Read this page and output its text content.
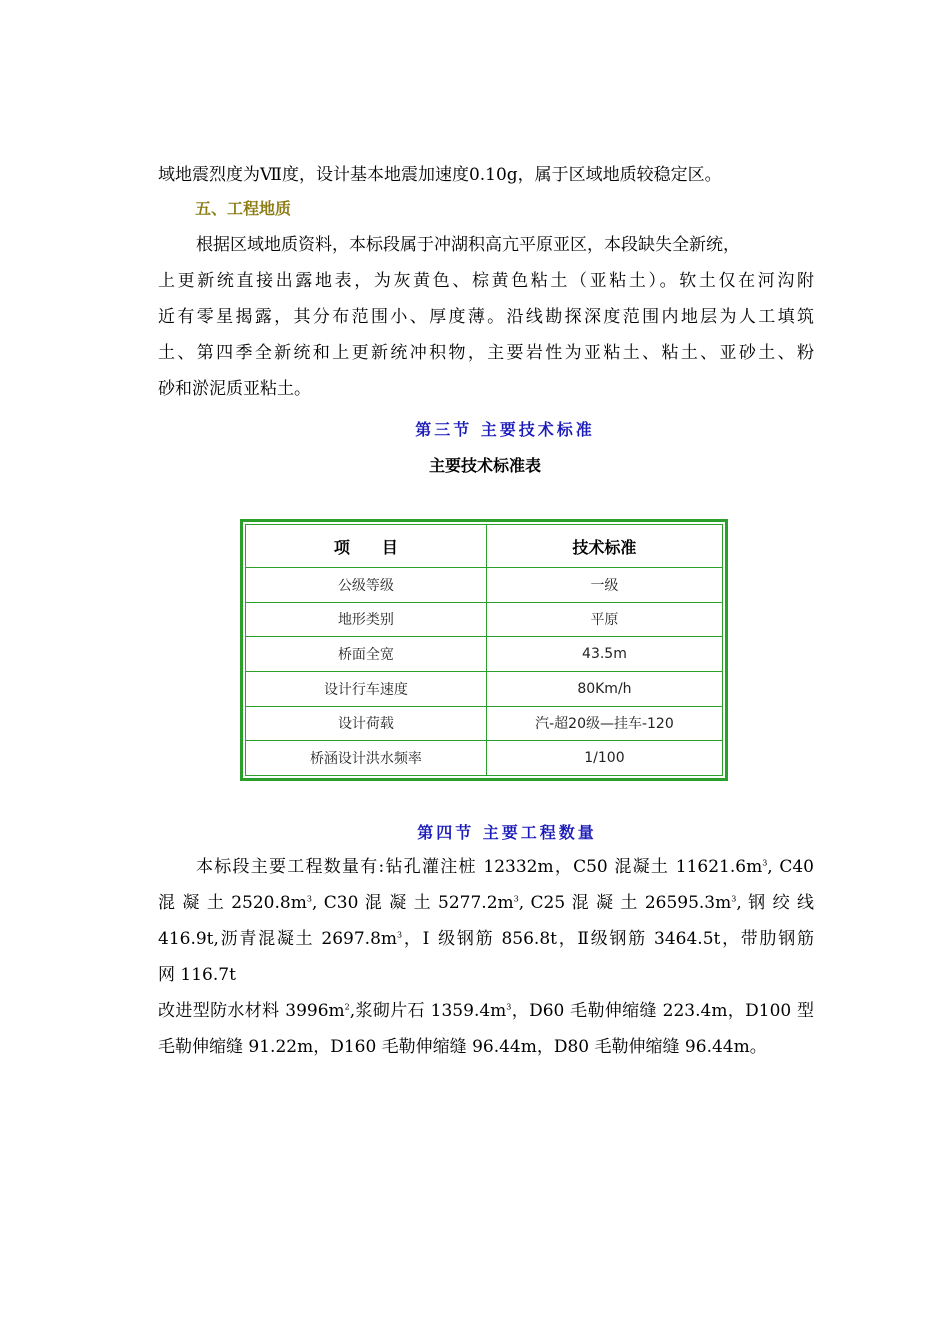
域地震烈度为Ⅶ度，设计基本地震加速度0.10g，属于区域地质较稳定区。

五、工程地质

根据区域地质资料，本标段属于冲湖积高亢平原亚区，本段缺失全新统，
上更新统直接出露地表，为灰黄色、棕黄色粘土（亚粘土）。软土仅在河沟附
近有零星揭露，其分布范围小、厚度薄。沿线勘探深度范围内地层为人工填筑
土、第四季全新统和上更新统冲积物，主要岩性为亚粘土、粘土、亚砂土、粉
砂和淤泥质亚粘土。

第三节 主要技术标准
主要技术标准表
项　　目	技术标准
公级等级	一级
地形类别	平原
桥面全宽	43.5m
设计行车速度	80Km/h
设计荷载	汽-超20级—挂车-120
桥涵设计洪水频率	1/100
第四节 主要工程数量

本标段主要工程数量有:钻孔灌注桩 12332m，C50 混凝土 $11621.6m^3$, C40
混 凝 土 $2520.8m^3$, C30 混 凝 土 $5277.2m^3$, C25 混 凝 土 $26595.3m^3$, 钢 绞 线
416.9t,沥青混凝土 $2697.8m^3$，Ⅰ 级钢筋 856.8t，Ⅱ级钢筋 3464.5t，带肋钢筋
网 116.7t
改进型防水材料 $3996m^2$,浆砌片石 $1359.4m^3$，D60 毛勒伸缩缝 223.4m，D100 型
毛勒伸缩缝 91.22m，D160 毛勒伸缩缝 96.44m，D80 毛勒伸缩缝 96.44m。
